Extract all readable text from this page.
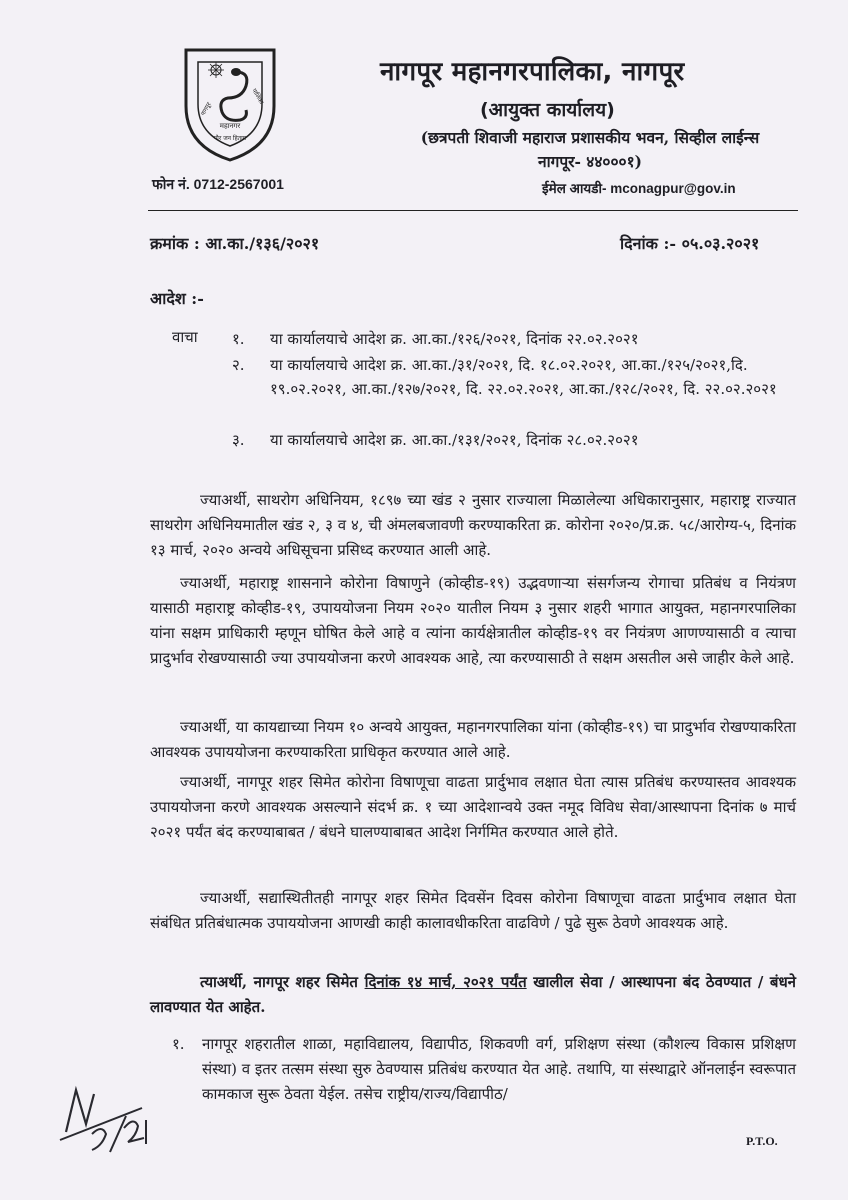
महानगर
नागपूर
पालिका
पौर जन हिताय
नागपूर महानगरपालिका, नागपूर
(आयुक्त कार्यालय)
(छत्रपती शिवाजी महाराज प्रशासकीय भवन, सिव्हील लाईन्स
नागपूर- ४४०००१)
फोन नं. 0712-2567001	ईमेल आयडी- mconagpur@gov.in
क्रमांक : आ.का./१३६/२०२१	दिनांक :- ०५.०३.२०२१
आदेश :-
वाचा १. या कार्यालयाचे आदेश क्र. आ.का./१२६/२०२१, दिनांक २२.०२.२०२१
२. या कार्यालयाचे आदेश क्र. आ.का./३१/२०२१, दि. १८.०२.२०२१, आ.का./१२५/२०२१,दि. १९.०२.२०२१, आ.का./१२७/२०२१, दि. २२.०२.२०२१, आ.का./१२८/२०२१, दि. २२.०२.२०२१
३. या कार्यालयाचे आदेश क्र. आ.का./१३१/२०२१, दिनांक २८.०२.२०२१
ज्याअर्थी, साथरोग अधिनियम, १८९७ च्या खंड २ नुसार राज्याला मिळालेल्या अधिकारानुसार, महाराष्ट्र राज्यात साथरोग अधिनियमातील खंड २, ३ व ४, ची अंमलबजावणी करण्याकरिता क्र. कोरोना २०२०/प्र.क्र. ५८/आरोग्य-५, दिनांक १३ मार्च, २०२० अन्वये अधिसूचना प्रसिध्द करण्यात आली आहे.
ज्याअर्थी, महाराष्ट्र शासनाने कोरोना विषाणुने (कोव्हीड-१९) उद्भवणाऱ्या संसर्गजन्य रोगाचा प्रतिबंध व नियंत्रण यासाठी महाराष्ट्र कोव्हीड-१९, उपाययोजना नियम २०२० यातील नियम ३ नुसार शहरी भागात आयुक्त, महानगरपालिका यांना सक्षम प्राधिकारी म्हणून घोषित केले आहे व त्यांना कार्यक्षेत्रातील कोव्हीड-१९ वर नियंत्रण आणण्यासाठी व त्याचा प्रादुर्भाव रोखण्यासाठी ज्या उपाययोजना करणे आवश्यक आहे, त्या करण्यासाठी ते सक्षम असतील असे जाहीर केले आहे.
ज्याअर्थी, या कायद्याच्या नियम १० अन्वये आयुक्त, महानगरपालिका यांना (कोव्हीड-१९) चा प्रादुर्भाव रोखण्याकरिता आवश्यक उपाययोजना करण्याकरिता प्राधिकृत करण्यात आले आहे.
ज्याअर्थी, नागपूर शहर सिमेत कोरोना विषाणूचा वाढता प्रार्दुभाव लक्षात घेता त्यास प्रतिबंध करण्यास्तव आवश्यक उपाययोजना करणे आवश्यक असल्याने संदर्भ क्र. १ च्या आदेशान्वये उक्त नमूद विविध सेवा/आस्थापना दिनांक ७ मार्च २०२१ पर्यंत बंद करण्याबाबत / बंधने घालण्याबाबत आदेश निर्गमित करण्यात आले होते.
ज्याअर्थी, सद्यास्थितीतही नागपूर शहर सिमेत दिवसेंन दिवस कोरोना विषाणूचा वाढता प्रार्दुभाव लक्षात घेता संबंधित प्रतिबंधात्मक उपाययोजना आणखी काही कालावधीकरिता वाढविणे / पुढे सुरू ठेवणे आवश्यक आहे.
त्याअर्थी, नागपूर शहर सिमेत दिनांक १४ मार्च, २०२१ पर्यंत खालील सेवा / आस्थापना बंद ठेवण्यात / बंधने लावण्यात येत आहेत.
१. नागपूर शहरातील शाळा, महाविद्यालय, विद्यापीठ, शिकवणी वर्ग, प्रशिक्षण संस्था (कौशल्य विकास प्रशिक्षण संस्था) व इतर तत्सम संस्था सुरु ठेवण्यास प्रतिबंध करण्यात येत आहे. तथापि, या संस्थाद्वारे ऑनलाईन स्वरूपात कामकाज सुरू ठेवता येईल. तसेच राष्ट्रीय/राज्य/विद्यापीठ/
P.T.O.
